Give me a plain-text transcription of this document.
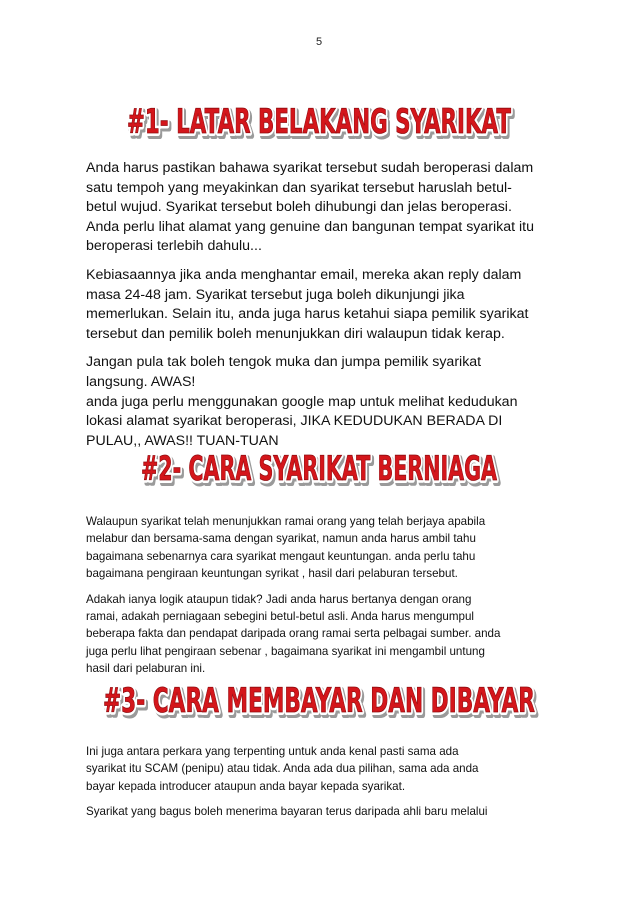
5
#1- LATAR BELAKANG SYARIKAT
#1- LATAR BELAKANG SYARIKAT
#1- LATAR BELAKANG SYARIKAT

Anda harus pastikan bahawa syarikat tersebut sudah beroperasi dalam
satu tempoh yang meyakinkan dan syarikat tersebut haruslah betul-
betul wujud. Syarikat tersebut boleh dihubungi dan jelas beroperasi.
Anda perlu lihat alamat yang genuine dan bangunan tempat syarikat itu
beroperasi terlebih dahulu...

Kebiasaannya jika anda menghantar email, mereka akan reply dalam
masa 24-48 jam. Syarikat tersebut juga boleh dikunjungi jika
memerlukan. Selain itu, anda juga harus ketahui siapa pemilik syarikat
tersebut dan pemilik boleh menunjukkan diri walaupun tidak kerap.

Jangan pula tak boleh tengok muka dan jumpa pemilik syarikat
langsung. AWAS!
anda juga perlu menggunakan google map untuk melihat kedudukan
lokasi alamat syarikat beroperasi, JIKA KEDUDUKAN BERADA DI
PULAU,, AWAS!! TUAN-TUAN

#2- CARA SYARIKAT BERNIAGA
#2- CARA SYARIKAT BERNIAGA
#2- CARA SYARIKAT BERNIAGA

Walaupun syarikat telah menunjukkan ramai orang yang telah berjaya apabila
melabur dan bersama-sama dengan syarikat, namun anda harus ambil tahu
bagaimana sebenarnya cara syarikat mengaut keuntungan. anda perlu tahu
bagaimana pengiraan keuntungan syrikat , hasil dari pelaburan tersebut.

Adakah ianya logik ataupun tidak? Jadi anda harus bertanya dengan orang
ramai, adakah perniagaan sebegini betul-betul asli. Anda harus mengumpul
beberapa fakta dan pendapat daripada orang ramai serta pelbagai sumber. anda
juga perlu lihat pengiraan sebenar , bagaimana syarikat ini mengambil untung
hasil dari pelaburan ini.

#3- CARA MEMBAYAR DAN DIBAYAR
#3- CARA MEMBAYAR DAN DIBAYAR
#3- CARA MEMBAYAR DAN DIBAYAR

Ini juga antara perkara yang terpenting untuk anda kenal pasti sama ada
syarikat itu SCAM (penipu) atau tidak. Anda ada dua pilihan, sama ada anda
bayar kepada introducer ataupun anda bayar kepada syarikat.

Syarikat yang bagus boleh menerima bayaran terus daripada ahli baru melalui
